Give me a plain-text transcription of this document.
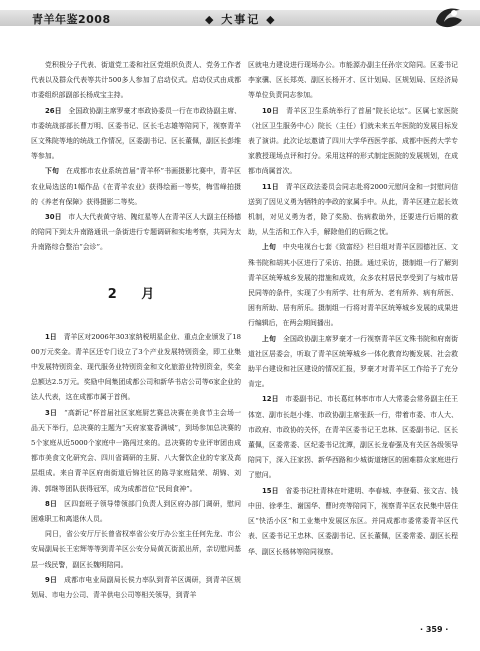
青羊年鉴2008	◆ 大事记 ◆

党积极分子代表、街道党工委和社区党组织负责人、党务工作者代表以及群众代表等共计500多人参加了启动仪式。启动仪式由成都市委组织部副部长杨成宝主持。

26日　 全国政协副主席罗豪才率政协委员一行在市政协副主席、市委统战部部长曹万明、区委书记、区长毛志雄等陪同下，视察青羊区文殊院等地的统战工作情况，区委副书记、区长董佩，副区长彭维等参加。

下旬　 在成都市农业系统首届“青羊杯”书画摄影比赛中，青羊区农业局选送的1幅作品《在青羊农业》获得绘画一等奖，梅雪峰拍摄的《养老有保障》获得摄影二等奖。

30日　 市人大代表黄守培、隗红星等人在青羊区人大副主任杨德的陪同下到太升南路通讯一条街进行专题调研和实地考察，共同为太升南路综合整治“会诊”。

2 月

1日　 青羊区对2006年303家纳税明星企业、重点企业颁发了1800万元奖金。青羊区还专门设立了3个产业发展特别资金，即工业集中发展特别资金、现代服务业特别资金和文化旅游业特别资金，奖金总额达2.5万元。奖励中间集团成都公司和新华书店公司等6家企业的法人代表，这在成都市属于首例。

3日　 “高新记”杯首届社区家庭厨艺赛总决赛在美食节主会场一品天下举行，总决赛的主题为“天府家宴香满城”，到场参加总决赛的5个家庭从近5000个家庭中一路闯过来的。总决赛的专业评审团由成都市美食文化研究会、四川省调研的主厨、八大餐饮企业的专家及高层组成。来自青羊区府南街道后锦社区的陈寻家庭陆荣、胡锦、刘涛、郭继等团队获得冠军，成为成都首位“民间食神”。

8日　 区四套班子领导带领部门负责人到区府办部门调研，慰问困难职工和离退休人员。

同日，省公安厅厅长曾省权率省公安厅办公室主任何先龙、市公安局副局长王宏辉等等到青羊区公安分局黄瓦街派出所，亲切慰问基层一线民警，副区长魏明陪同。

9日　 成都市电业局副局长侯力率队到青羊区调研，到青羊区规划局、市电力公司、青羊供电公司等相关领导，到青羊

区就电力建设进行现场办公。市能源办副主任孙宗文陪同。区委书记李家骥、区长郑英、副区长杨开才、区计划局、区规划局、区经济局等单位负责同志参加。

10日　 青羊区卫生系统举行了首届“院长论坛”。区属七家医院（社区卫生服务中心）院长（主任）们就未来五年医院的发展目标发表了演讲。此次论坛邀请了四川大学华西医学部、成都中医药大学专家教授现场点评和打分。采用这样的形式制定医院的发展规划，在成都市尚属首次。

11日　 青羊区政法委员会同志赴将2000元慰问金和一封慰问信送到了因见义勇为牺牲的李政的家属手中。从此，青羊区建立起长效机制，对见义勇为者，除了奖励、伤病救助外，还要进行后期的救助，从生活和工作入手，解除他们的后顾之忧。

上旬　 中央电视台七套《致富经》栏目组对青羊区园德社区、文殊书院和胡其小区进行了采访、拍摄。通过采访，摄制组一行了解到青羊区统筹城乡发展的措施和成效，众多农村居民享受到了与城市居民同等的条件，实现了少有所学、壮有所为、老有所养、病有所医、困有所助、居有所乐。摄制组一行将对青羊区统筹城乡发展的成果进行编辑后，在两会期间播出。

上旬　 全国政协副主席罗豪才一行视察青羊区文殊书院和府南街道社区居委会，听取了青羊区统筹城乡一体化教育均衡发展、社会救助平台建设和社区建设的情况汇报，罗豪才对青羊区工作给予了充分肯定。

12日　 市委副书记、市长葛红林率市市人大常委会常务副主任王体宽、副市长赵小维、市政协副主席张跃一行，带着市委、市人大、市政府、市政协的关怀，在青羊区委书记王忠林、区委副书记、区长董佩，区委常委、区纪委书记沈潭，副区长龙春强及有关区各级领导陪同下，深入汪家拐、新华西路和少城街道辖区的困难群众家庭进行了慰问。

15日　 省委书记杜青林在叶建明、李春城、李登菊、张文吉、钱中田、徐孝生、谢国华、曹时亮等陪同下，视察青羊区农民集中居住区“快活小区”和工业集中发展区东区。并同成都市委常委青羊区代表、区委书记王忠林、区委副书记、区长董佩，区委常委、副区长程华、副区长杨林等陪同视察。

· 359 ·
